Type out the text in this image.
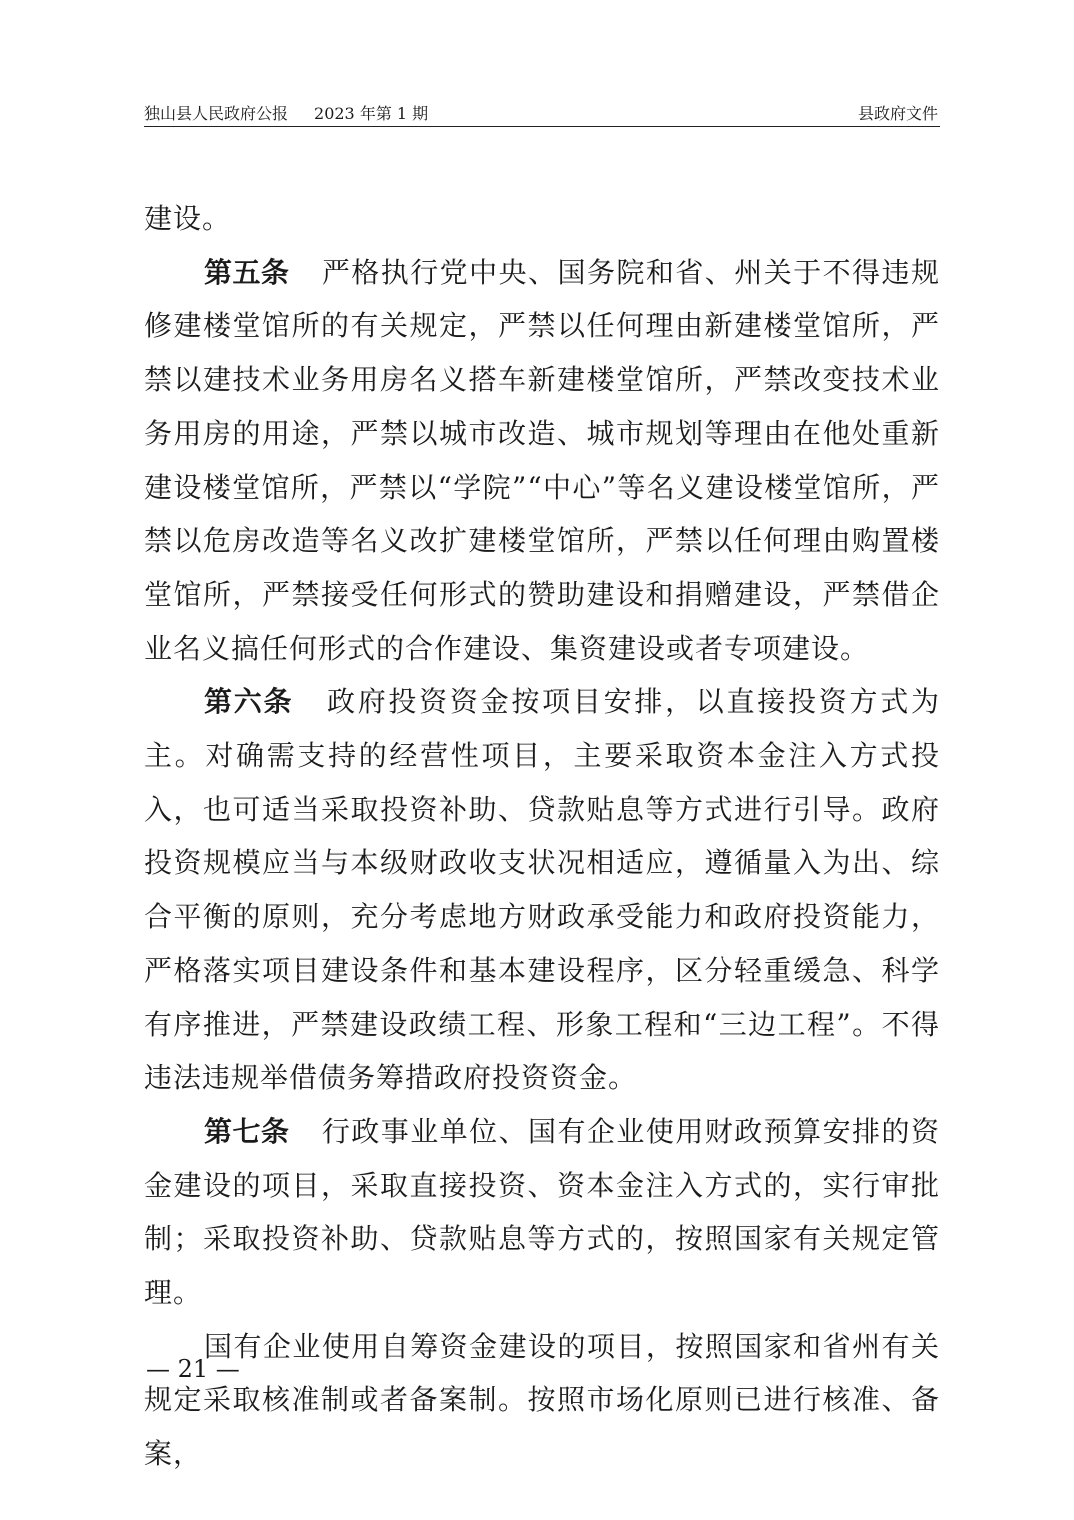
独山县人民政府公报 2023 年第 1 期	县政府文件

建设。

第五条 严格执行党中央、国务院和省、州关于不得违规修建楼堂馆所的有关规定，严禁以任何理由新建楼堂馆所，严禁以建技术业务用房名义搭车新建楼堂馆所，严禁改变技术业务用房的用途，严禁以城市改造、城市规划等理由在他处重新建设楼堂馆所，严禁以“学院”“中心”等名义建设楼堂馆所，严禁以危房改造等名义改扩建楼堂馆所，严禁以任何理由购置楼堂馆所，严禁接受任何形式的赞助建设和捐赠建设，严禁借企业名义搞任何形式的合作建设、集资建设或者专项建设。

第六条 政府投资资金按项目安排，以直接投资方式为主。对确需支持的经营性项目，主要采取资本金注入方式投入，也可适当采取投资补助、贷款贴息等方式进行引导。政府投资规模应当与本级财政收支状况相适应，遵循量入为出、综合平衡的原则，充分考虑地方财政承受能力和政府投资能力，严格落实项目建设条件和基本建设程序，区分轻重缓急、科学有序推进，严禁建设政绩工程、形象工程和“三边工程”。不得违法违规举借债务筹措政府投资资金。

第七条 行政事业单位、国有企业使用财政预算安排的资金建设的项目，采取直接投资、资本金注入方式的，实行审批制；采取投资补助、贷款贴息等方式的，按照国家有关规定管理。

国有企业使用自筹资金建设的项目，按照国家和省州有关规定采取核准制或者备案制。按照市场化原则已进行核准、备案，

— 21 —
